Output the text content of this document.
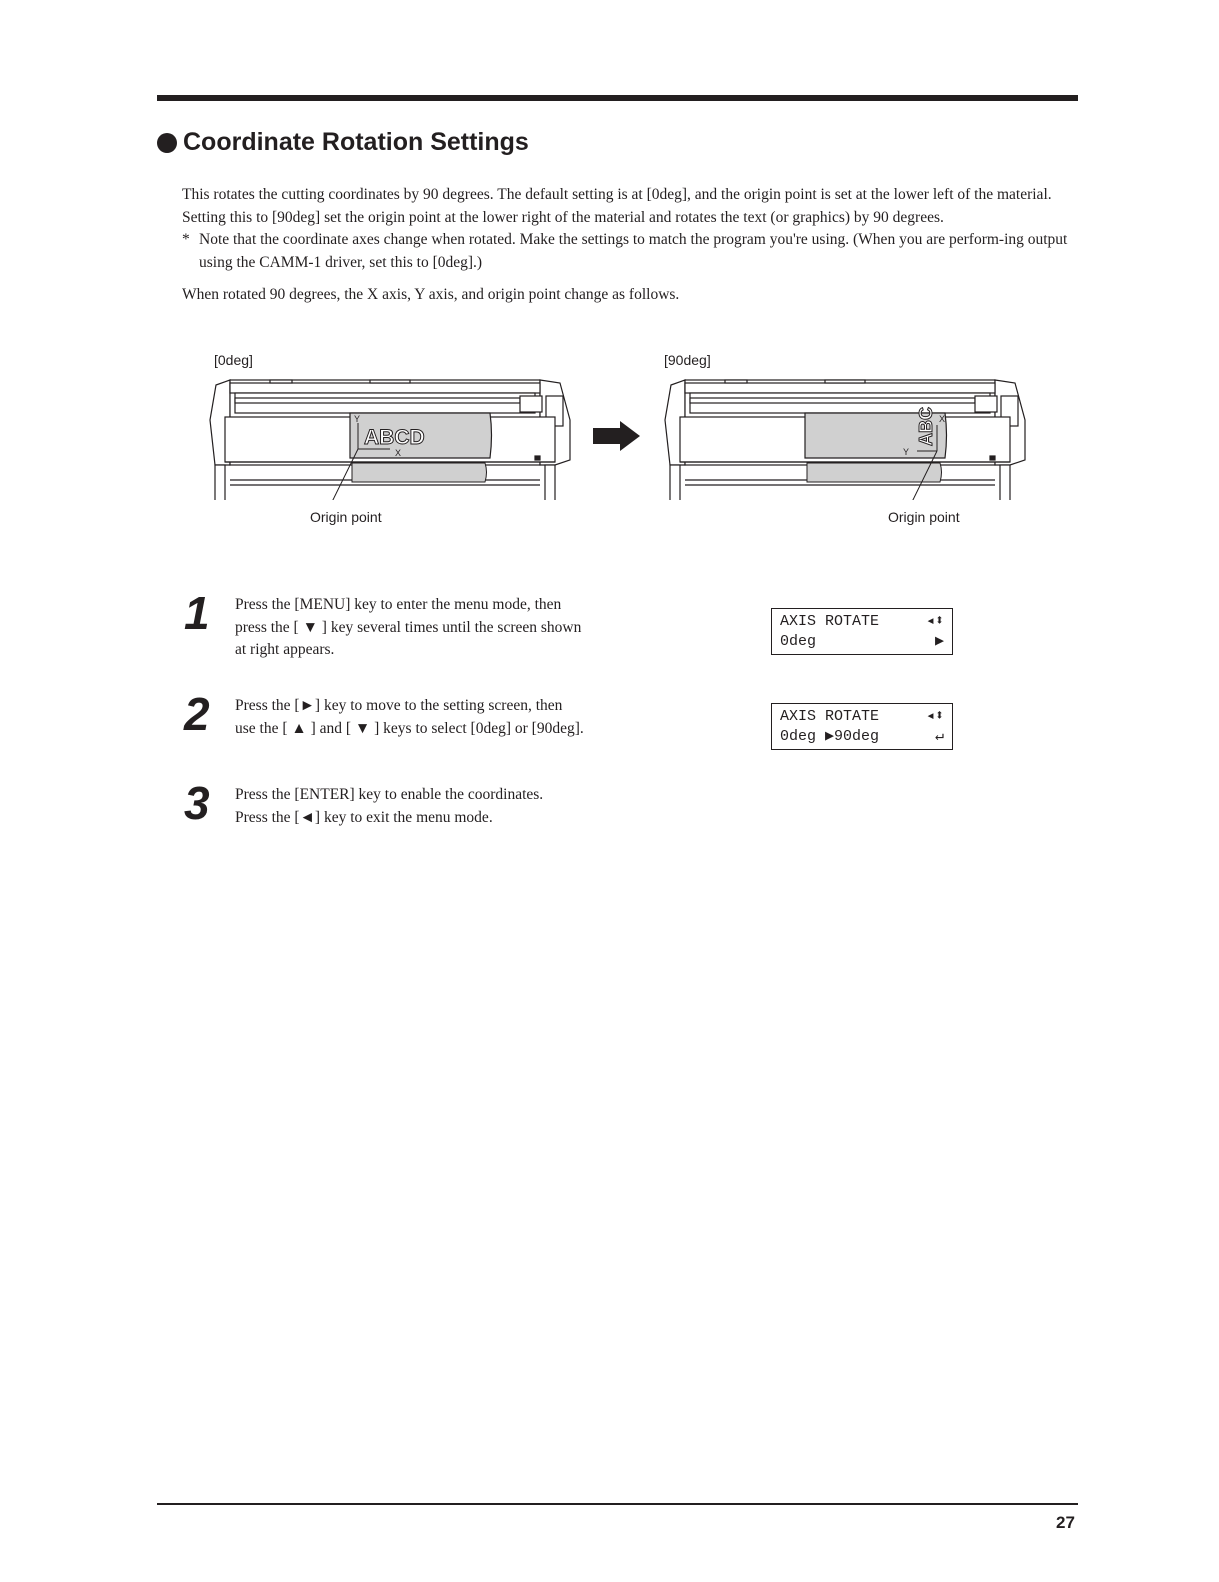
Coordinate Rotation Settings
This rotates the cutting coordinates by 90 degrees. The default setting is at [0deg], and the origin point is set at the lower left of the material. Setting this to [90deg] set the origin point at the lower right of the material and rotates the text (or graphics) by 90 degrees.
* Note that the coordinate axes change when rotated. Make the settings to match the program you're using. (When you are perform-ing output using the CAMM-1 driver, set this to [0deg].)
When rotated 90 degrees, the X axis, Y axis, and origin point change as follows.
[0deg]	[90deg]
Origin point	Origin point
Y
X
ABCD
X
Y
ABC
1 Press the [MENU] key to enter the menu mode, then
press the [ ▼ ] key several times until the screen shown
at right appears.
2 Press the [►] key to move to the setting screen, then
use the [ ▲ ] and [ ▼ ] keys to select [0deg] or [90deg].
3 Press the [ENTER] key to enable the coordinates.
Press the [◄] key to exit the menu mode.
AXIS ROTATE	◂⬍
0deg	▶
AXIS ROTATE	◂⬍
0deg ▶90deg	↵
27
